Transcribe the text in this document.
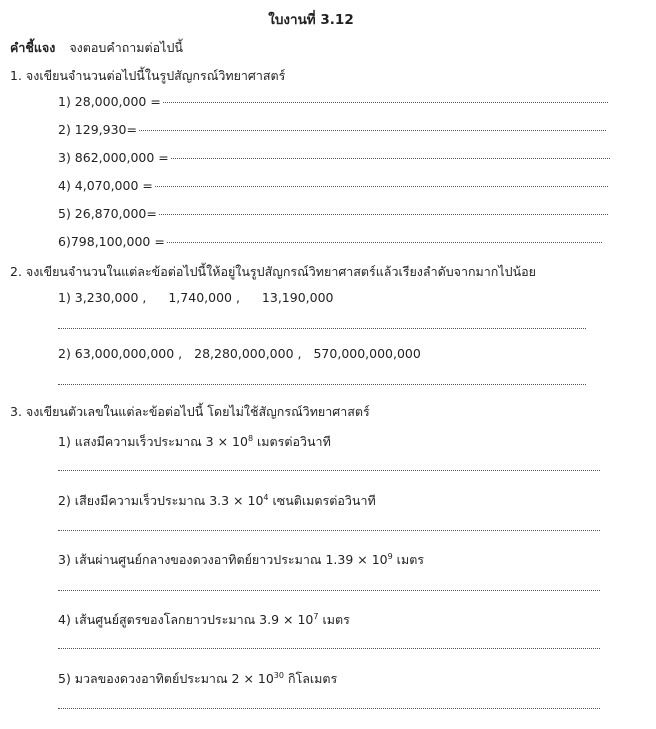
ใบงานที่ 3.12
คำชี้แจง จงตอบคำถามต่อไปนี้
1. จงเขียนจำนวนต่อไปนี้ในรูปสัญกรณ์วิทยาศาสตร์
1) 28,000,000 =
2) 129,930=
3) 862,000,000 =
4) 4,070,000 =
5) 26,870,000=
6)798,100,000 =
2. จงเขียนจำนวนในแต่ละข้อต่อไปนี้ให้อยู่ในรูปสัญกรณ์วิทยาศาสตร์แล้วเรียงลำดับจากมากไปน้อย
1) 3,230,000 , 1,740,000 , 13,190,000
2) 63,000,000,000 , 28,280,000,000 , 570,000,000,000
3. จงเขียนตัวเลขในแต่ละข้อต่อไปนี้ โดยไม่ใช้สัญกรณ์วิทยาศาสตร์
1) แสงมีความเร็วประมาณ $3 \times 10^8$ เมตรต่อวินาที
2) เสียงมีความเร็วประมาณ $3.3 \times 10^4$ เซนติเมตรต่อวินาที
3) เส้นผ่านศูนย์กลางของดวงอาทิตย์ยาวประมาณ $1.39 \times 10^9$ เมตร
4) เส้นศูนย์สูตรของโลกยาวประมาณ $3.9 \times 10^7$ เมตร
5) มวลของดวงอาทิตย์ประมาณ $2 \times 10^{30}$ กิโลเมตร
